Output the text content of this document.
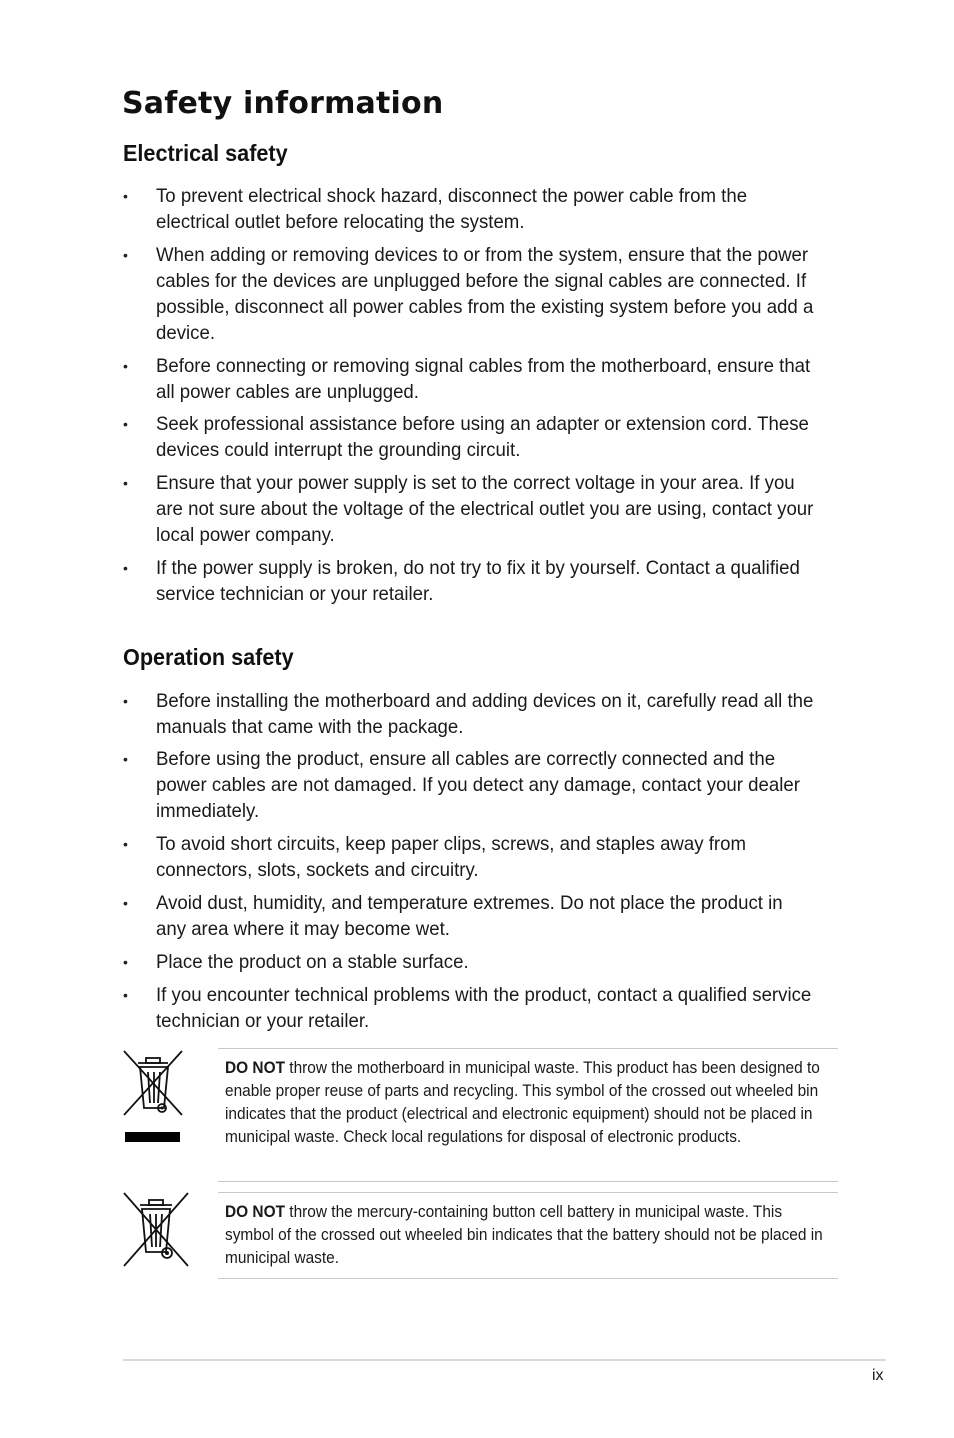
Safety information
Electrical safety
• To prevent electrical shock hazard, disconnect the power cable from the electrical outlet before relocating the system.

• When adding or removing devices to or from the system, ensure that the power cables for the devices are unplugged before the signal cables are connected. If possible, disconnect all power cables from the existing system before you add a device.

• Before connecting or removing signal cables from the motherboard, ensure that all power cables are unplugged.

• Seek professional assistance before using an adapter or extension cord. These devices could interrupt the grounding circuit.

• Ensure that your power supply is set to the correct voltage in your area. If you are not sure about the voltage of the electrical outlet you are using, contact your local power company.

• If the power supply is broken, do not try to fix it by yourself. Contact a qualified service technician or your retailer.

Operation safety
• Before installing the motherboard and adding devices on it, carefully read all the manuals that came with the package.

• Before using the product, ensure all cables are correctly connected and the power cables are not damaged. If you detect any damage, contact your dealer immediately.

• To avoid short circuits, keep paper clips, screws, and staples away from connectors, slots, sockets and circuitry.

• Avoid dust, humidity, and temperature extremes. Do not place the product in any area where it may become wet.

• Place the product on a stable surface.

• If you encounter technical problems with the product, contact a qualified service technician or your retailer.

DO NOT throw the motherboard in municipal waste. This product has been designed to enable proper reuse of parts and recycling. This symbol of the crossed out wheeled bin indicates that the product (electrical and electronic equipment) should not be placed in municipal waste. Check local regulations for disposal of electronic products.

DO NOT throw the mercury-containing button cell battery in municipal waste. This symbol of the crossed out wheeled bin indicates that the battery should not be placed in municipal waste.

ix
